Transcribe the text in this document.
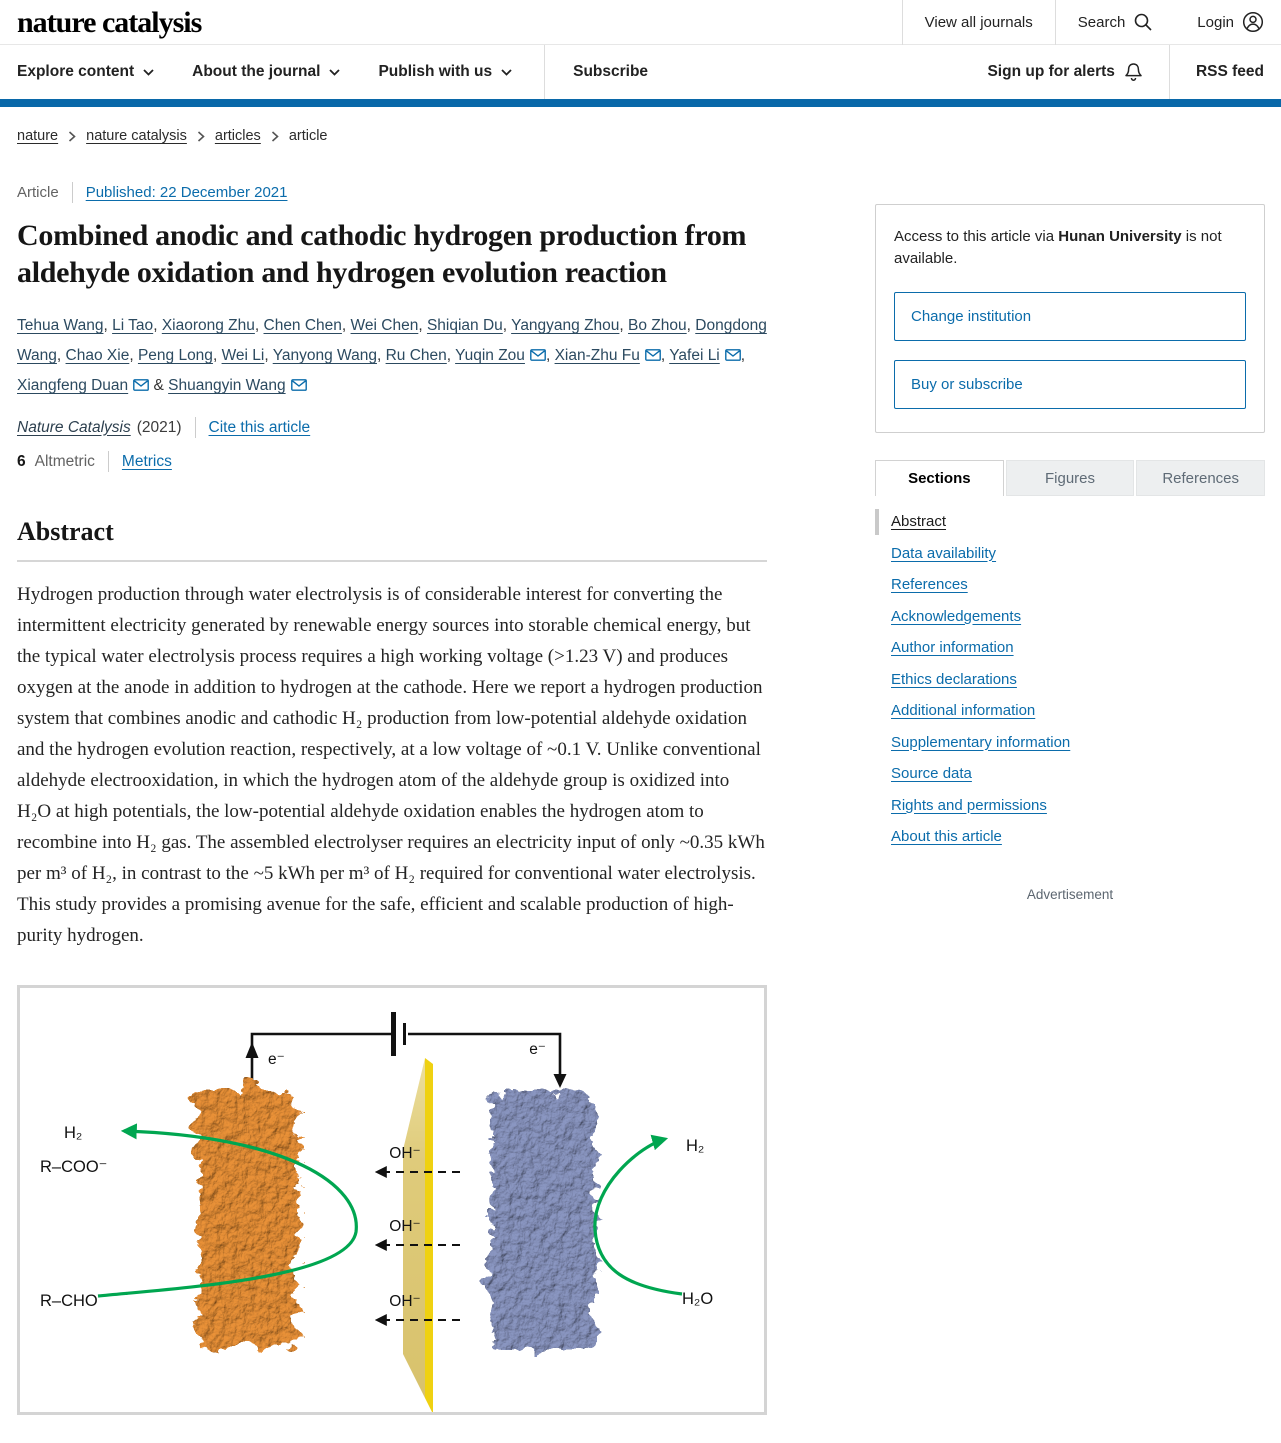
nature catalysis	View all journals	Search	Login
Explore content	About the journal	Publish with us	Subscribe	Sign up for alerts	RSS feed
nature nature catalysis articles article
Article Published: 22 December 2021
Combined anodic and cathodic hydrogen production from aldehyde oxidation and hydrogen evolution reaction

Tehua Wang, Li Tao, Xiaorong Zhu, Chen Chen, Wei Chen, Shiqian Du, Yangyang Zhou, Bo Zhou, Dongdong Wang, Chao Xie, Peng Long, Wei Li, Yanyong Wang, Ru Chen, Yuqin Zou , Xian-Zhu Fu , Yafei Li , Xiangfeng Duan & Shuangyin Wang

Nature Catalysis (2021) Cite this article
6 Altmetric Metrics
Abstract

Hydrogen production through water electrolysis is of considerable interest for converting the intermittent electricity generated by renewable energy sources into storable chemical energy, but the typical water electrolysis process requires a high working voltage (>1.23 V) and produces oxygen at the anode in addition to hydrogen at the cathode. Here we report a hydrogen production system that combines anodic and cathodic H₂ production from low-potential aldehyde oxidation and the hydrogen evolution reaction, respectively, at a low voltage of ~0.1 V. Unlike conventional aldehyde electrooxidation, in which the hydrogen atom of the aldehyde group is oxidized into H₂O at high potentials, the low-potential aldehyde oxidation enables the hydrogen atom to recombine into H₂ gas. The assembled electrolyser requires an electricity input of only ~0.35 kWh per m³ of H₂, in contrast to the ~5 kWh per m³ of H₂ required for conventional water electrolysis. This study provides a promising avenue for the safe, efficient and scalable production of high-purity hydrogen.

e⁻
e⁻
OH⁻
OH⁻
OH⁻
H₂
R–COO⁻
R–CHO
H₂
H₂O

Access to this article via Hunan University is not available.

Change institution
Buy or subscribe
Sections	Figures	References
Abstract
Data availability
References
Acknowledgements
Author information
Ethics declarations
Additional information
Supplementary information
Source data
Rights and permissions
About this article
Advertisement
